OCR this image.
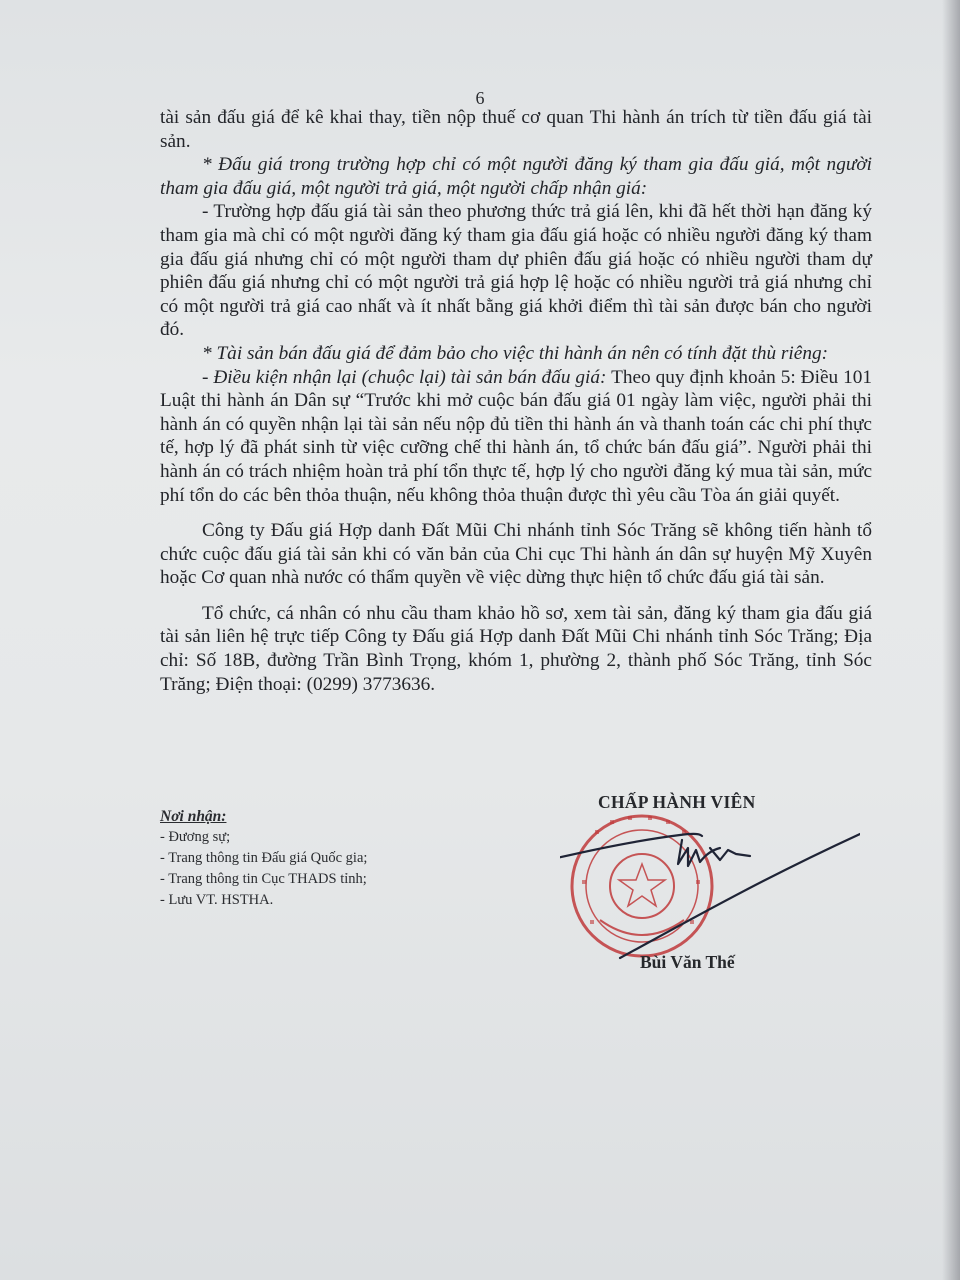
6

tài sản đấu giá để kê khai thay, tiền nộp thuế cơ quan Thi hành án trích từ tiền đấu giá tài sản.

* Đấu giá trong trường hợp chỉ có một người đăng ký tham gia đấu giá, một người tham gia đấu giá, một người trả giá, một người chấp nhận giá:

- Trường hợp đấu giá tài sản theo phương thức trả giá lên, khi đã hết thời hạn đăng ký tham gia mà chỉ có một người đăng ký tham gia đấu giá hoặc có nhiều người đăng ký tham gia đấu giá nhưng chỉ có một người tham dự phiên đấu giá hoặc có nhiều người tham dự phiên đấu giá nhưng chỉ có một người trả giá hợp lệ hoặc có nhiều người trả giá nhưng chỉ có một người trả giá cao nhất và ít nhất bằng giá khởi điểm thì tài sản được bán cho người đó.

* Tài sản bán đấu giá để đảm bảo cho việc thi hành án nên có tính đặt thù riêng:

- Điều kiện nhận lại (chuộc lại) tài sản bán đấu giá: Theo quy định khoản 5: Điều 101 Luật thi hành án Dân sự “Trước khi mở cuộc bán đấu giá 01 ngày làm việc, người phải thi hành án có quyền nhận lại tài sản nếu nộp đủ tiền thi hành án và thanh toán các chi phí thực tế, hợp lý đã phát sinh từ việc cưỡng chế thi hành án, tổ chức bán đấu giá”. Người phải thi hành án có trách nhiệm hoàn trả phí tổn thực tế, hợp lý cho người đăng ký mua tài sản, mức phí tổn do các bên thỏa thuận, nếu không thỏa thuận được thì yêu cầu Tòa án giải quyết.

Công ty Đấu giá Hợp danh Đất Mũi Chi nhánh tỉnh Sóc Trăng sẽ không tiến hành tổ chức cuộc đấu giá tài sản khi có văn bản của Chi cục Thi hành án dân sự huyện Mỹ Xuyên hoặc Cơ quan nhà nước có thẩm quyền về việc dừng thực hiện tổ chức đấu giá tài sản.

Tổ chức, cá nhân có nhu cầu tham khảo hồ sơ, xem tài sản, đăng ký tham gia đấu giá tài sản liên hệ trực tiếp Công ty Đấu giá Hợp danh Đất Mũi Chi nhánh tỉnh Sóc Trăng; Địa chỉ: Số 18B, đường Trần Bình Trọng, khóm 1, phường 2, thành phố Sóc Trăng, tỉnh Sóc Trăng; Điện thoại: (0299) 3773636.

Nơi nhận:
- Đương sự;
- Trang thông tin Đấu giá Quốc gia;
- Trang thông tin Cục THADS tỉnh;
- Lưu VT. HSTHA.
CHẤP HÀNH VIÊN
Bùi Văn Thế
